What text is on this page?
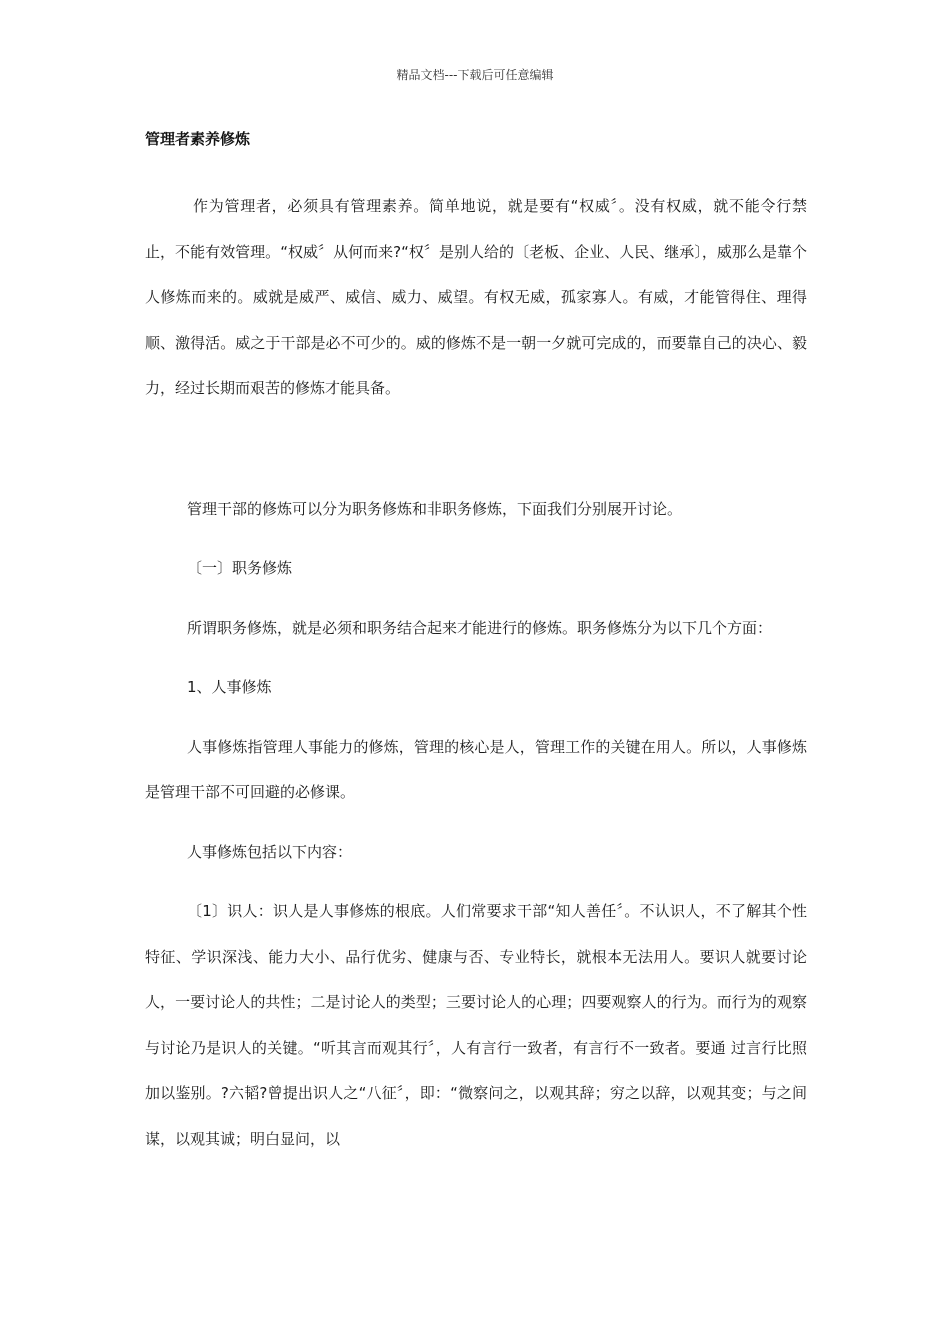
精品文档---下载后可任意编辑
管理者素养修炼

作为管理者，必须具有管理素养。简单地说，就是要有“权威〞。没有权威，就不能令行禁止，不能有效管理。“权威〞从何而来?“权〞是别人给的〔老板、企业、人民、继承〕，威那么是靠个人修炼而来的。威就是威严、威信、威力、威望。有权无威，孤家寡人。有威，才能管得住、理得顺、激得活。威之于干部是必不可少的。威的修炼不是一朝一夕就可完成的，而要靠自己的决心、毅力，经过长期而艰苦的修炼才能具备。

管理干部的修炼可以分为职务修炼和非职务修炼，下面我们分别展开讨论。

〔一〕职务修炼

所谓职务修炼，就是必须和职务结合起来才能进行的修炼。职务修炼分为以下几个方面：

1、人事修炼

人事修炼指管理人事能力的修炼，管理的核心是人，管理工作的关键在用人。所以，人事修炼是管理干部不可回避的必修课。

人事修炼包括以下内容：

〔1〕识人：识人是人事修炼的根底。人们常要求干部“知人善任〞。不认识人，不了解其个性特征、学识深浅、能力大小、品行优劣、健康与否、专业特长，就根本无法用人。要识人就要讨论人，一要讨论人的共性；二是讨论人的类型；三要讨论人的心理；四要观察人的行为。而行为的观察与讨论乃是识人的关键。“听其言而观其行〞，人有言行一致者，有言行不一致者。要通 过言行比照加以鉴别。?六韬?曾提出识人之“八征〞，即：“微察问之，以观其辞；穷之以辞，以观其变；与之间谋，以观其诚；明白显问，以
